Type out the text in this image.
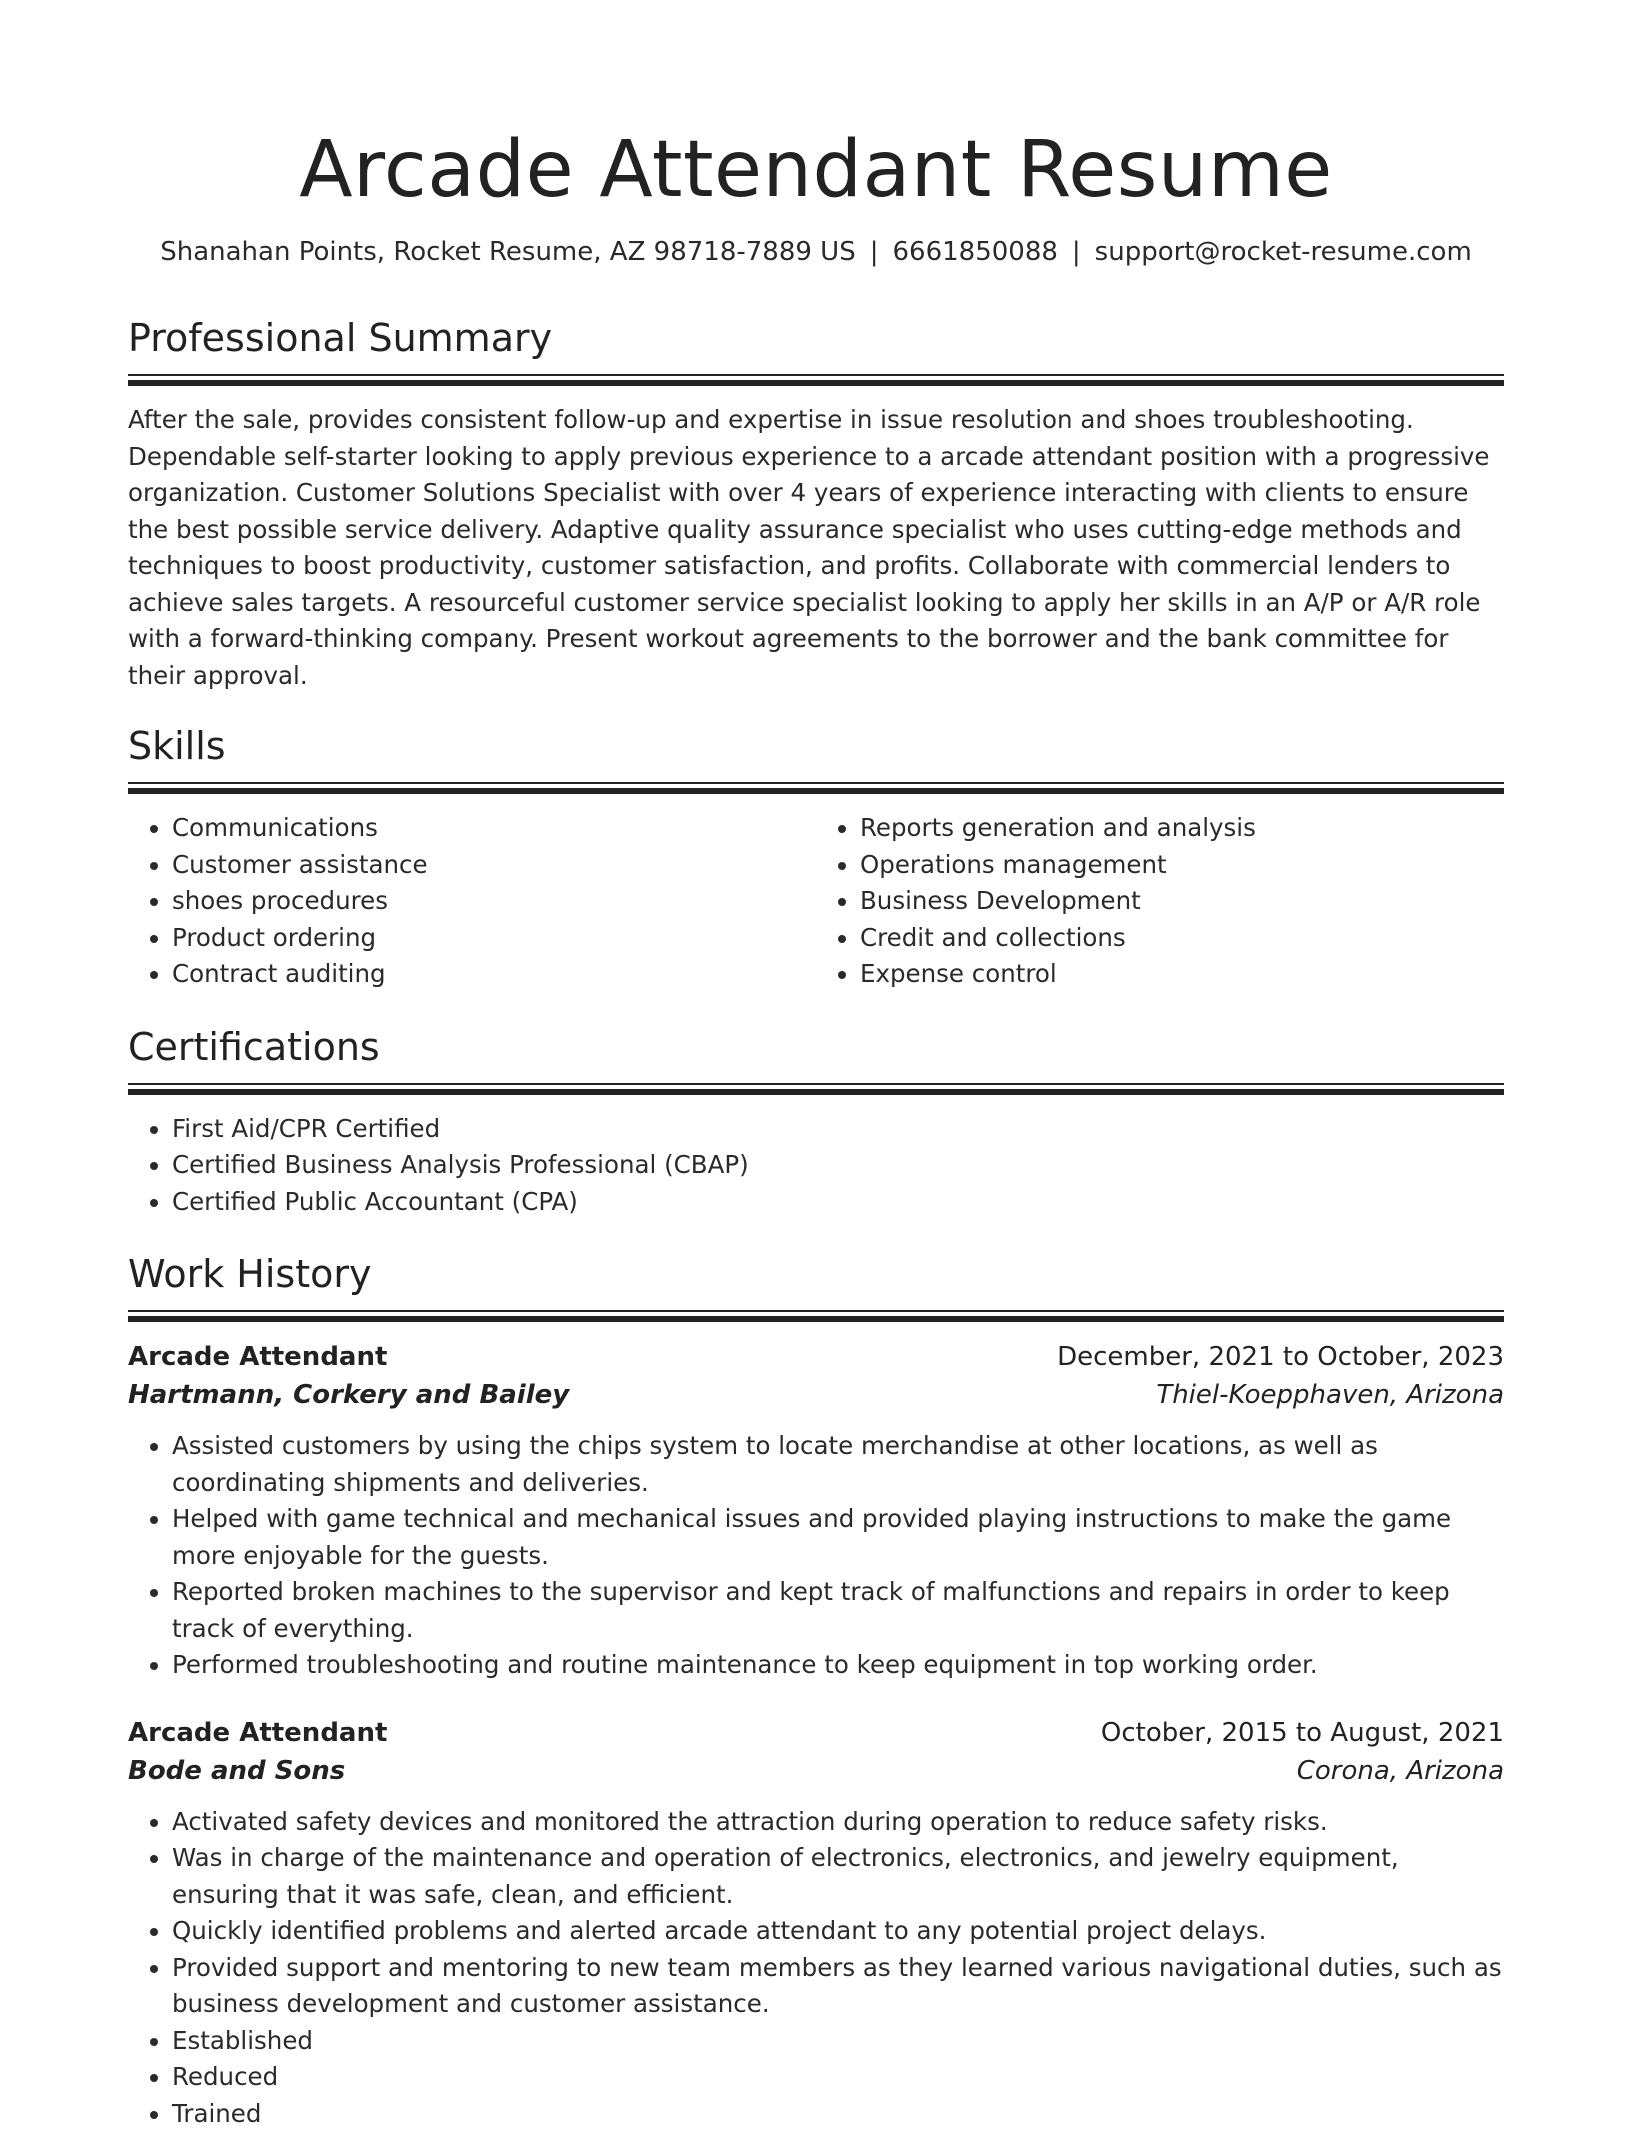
Arcade Attendant Resume
Shanahan Points, Rocket Resume, AZ 98718-7889 US | 6661850088 | support@rocket-resume.com
Professional Summary
After the sale, provides consistent follow-up and expertise in issue resolution and shoes troubleshooting. Dependable self-starter looking to apply previous experience to a arcade attendant position with a progressive organization. Customer Solutions Specialist with over 4 years of experience interacting with clients to ensure the best possible service delivery. Adaptive quality assurance specialist who uses cutting-edge methods and techniques to boost productivity, customer satisfaction, and profits. Collaborate with commercial lenders to achieve sales targets. A resourceful customer service specialist looking to apply her skills in an A/P or A/R role with a forward-thinking company. Present workout agreements to the borrower and the bank committee for their approval.
Skills
• Communications
• Customer assistance
• shoes procedures
• Product ordering
• Contract auditing
• Reports generation and analysis
• Operations management
• Business Development
• Credit and collections
• Expense control
Certifications
• First Aid/CPR Certified
• Certified Business Analysis Professional (CBAP)
• Certified Public Accountant (CPA)
Work History
Arcade Attendant	December, 2021 to October, 2023
Hartmann, Corkery and Bailey	Thiel-Koepphaven, Arizona
• Assisted customers by using the chips system to locate merchandise at other locations, as well as coordinating shipments and deliveries.
• Helped with game technical and mechanical issues and provided playing instructions to make the game more enjoyable for the guests.
• Reported broken machines to the supervisor and kept track of malfunctions and repairs in order to keep track of everything.
• Performed troubleshooting and routine maintenance to keep equipment in top working order.
Arcade Attendant	October, 2015 to August, 2021
Bode and Sons	Corona, Arizona
• Activated safety devices and monitored the attraction during operation to reduce safety risks.
• Was in charge of the maintenance and operation of electronics, electronics, and jewelry equipment, ensuring that it was safe, clean, and efficient.
• Quickly identified problems and alerted arcade attendant to any potential project delays.
• Provided support and mentoring to new team members as they learned various navigational duties, such as business development and customer assistance.
• Established
• Reduced
• Trained
